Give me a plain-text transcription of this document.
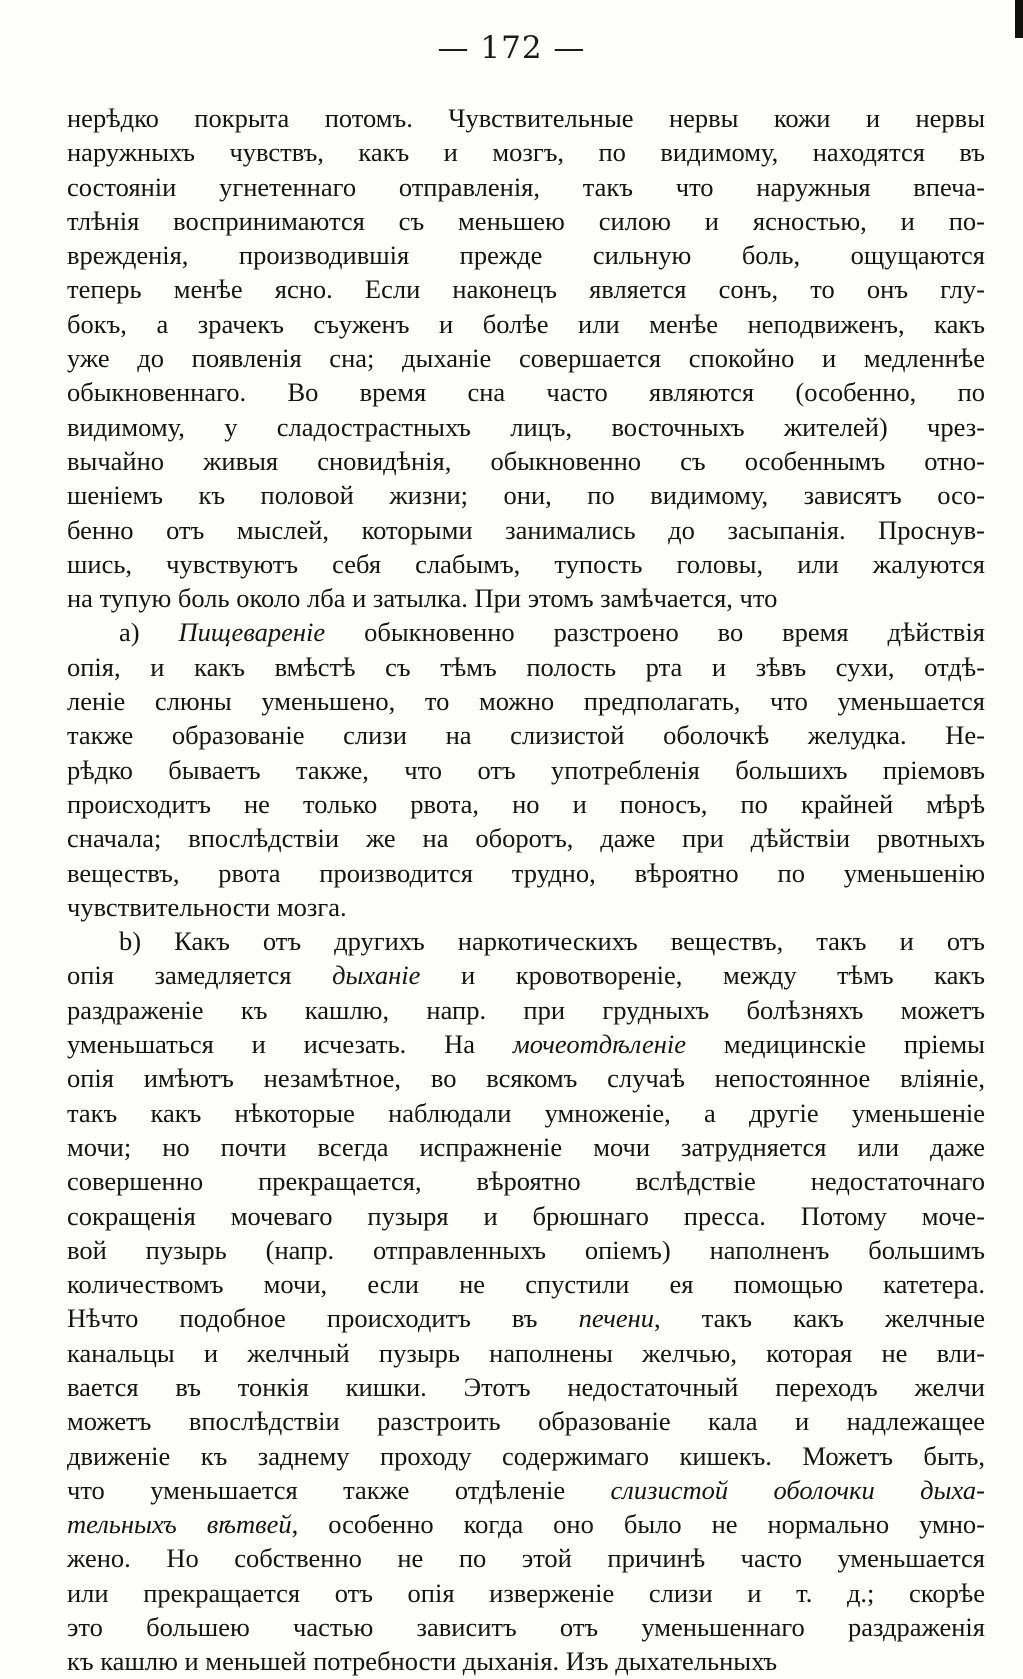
— 172 —
нерѣдко покрыта потомъ. Чувствительные нервы кожи и нервы
наружныхъ чувствъ, какъ и мозгъ, по видимому, находятся въ
состояніи угнетеннаго отправленія, такъ что наружныя впеча-
тлѣнія воспринимаются съ меньшею силою и ясностью, и по-
врежденія, производившія прежде сильную боль, ощущаются
теперь менѣе ясно. Если наконецъ является сонъ, то онъ глу-
бокъ, а зрачекъ съуженъ и болѣе или менѣе неподвиженъ, какъ
уже до появленія сна; дыханіе совершается спокойно и медленнѣе
обыкновеннаго. Во время сна часто являются (особенно, по
видимому, у сладострастныхъ лицъ, восточныхъ жителей) чрез-
вычайно живыя сновидѣнія, обыкновенно съ особеннымъ отно-
шеніемъ къ половой жизни; они, по видимому, зависятъ осо-
бенно отъ мыслей, которыми занимались до засыпанія. Проснув-
шись, чувствуютъ себя слабымъ, тупость головы, или жалуются
на тупую боль около лба и затылка. При этомъ замѣчается, что
a) Пищевареніе обыкновенно разстроено во время дѣйствія
опія, и какъ вмѣстѣ съ тѣмъ полость рта и зѣвъ сухи, отдѣ-
леніе слюны уменьшено, то можно предполагать, что уменьшается
также образованіе слизи на слизистой оболочкѣ желудка. Не-
рѣдко бываетъ также, что отъ употребленія большихъ пріемовъ
происходитъ не только рвота, но и поносъ, по крайней мѣрѣ
сначала; впослѣдствіи же на оборотъ, даже при дѣйствіи рвотныхъ
веществъ, рвота производится трудно, вѣроятно по уменьшенію
чувствительности мозга.
b) Какъ отъ другихъ наркотическихъ веществъ, такъ и отъ
опія замедляется дыханіе и кровотвореніе, между тѣмъ какъ
раздраженіе къ кашлю, напр. при грудныхъ болѣзняхъ можетъ
уменьшаться и исчезать. На мочеотдѣленіе медицинскіе пріемы
опія имѣютъ незамѣтное, во всякомъ случаѣ непостоянное вліяніе,
такъ какъ нѣкоторые наблюдали умноженіе, а другіе уменьшеніе
мочи; но почти всегда испражненіе мочи затрудняется или даже
совершенно прекращается, вѣроятно вслѣдствіе недостаточнаго
сокращенія мочеваго пузыря и брюшнаго пресса. Потому моче-
вой пузырь (напр. отправленныхъ опіемъ) наполненъ большимъ
количествомъ мочи, если не спустили ея помощью катетера.
Нѣчто подобное происходитъ въ печени, такъ какъ желчные
канальцы и желчный пузырь наполнены желчью, которая не вли-
вается въ тонкія кишки. Этотъ недостаточный переходъ желчи
можетъ впослѣдствіи разстроить образованіе кала и надлежащее
движеніе къ заднему проходу содержимаго кишекъ. Можетъ быть,
что уменьшается также отдѣленіе слизистой оболочки дыха-
тельныхъ вѣтвей, особенно когда оно было не нормально умно-
жено. Но собственно не по этой причинѣ часто уменьшается
или прекращается отъ опія изверженіе слизи и т. д.; скорѣе
это большею частью зависитъ отъ уменьшеннаго раздраженія
къ кашлю и меньшей потребности дыханія. Изъ дыхательныхъ
